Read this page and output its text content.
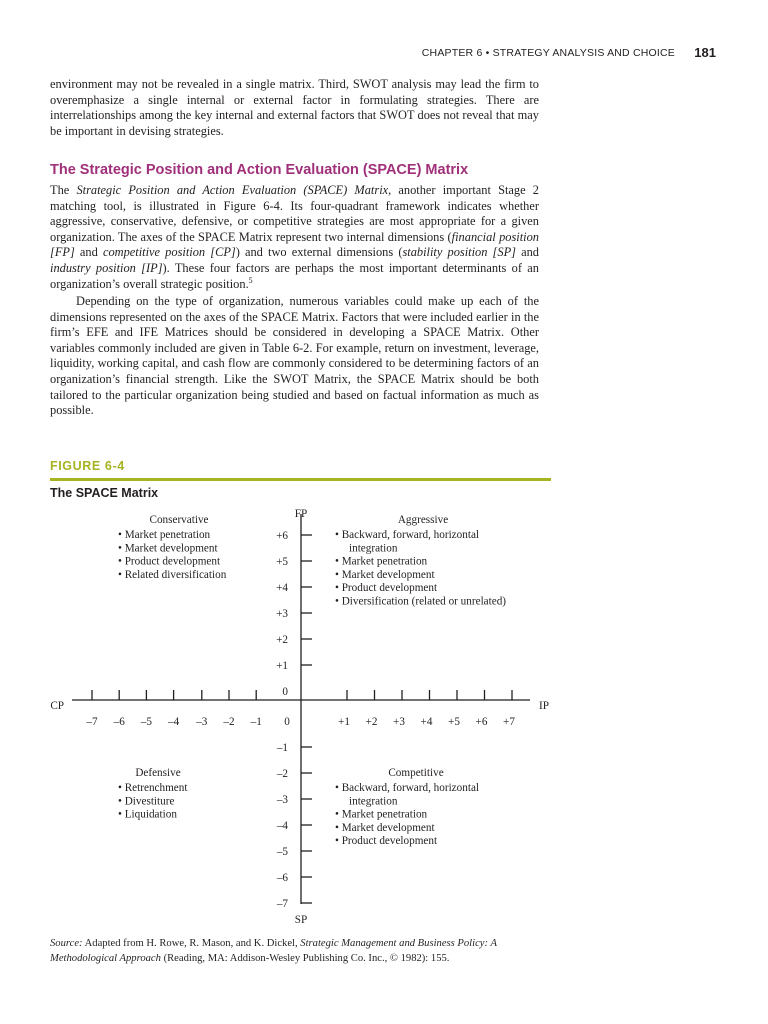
CHAPTER 6 • STRATEGY ANALYSIS AND CHOICE 181

environment may not be revealed in a single matrix. Third, SWOT analysis may lead the firm to overemphasize a single internal or external factor in formulating strategies. There are interrelationships among the key internal and external factors that SWOT does not reveal that may be important in devising strategies.

The Strategic Position and Action Evaluation (SPACE) Matrix

The Strategic Position and Action Evaluation (SPACE) Matrix, another important Stage 2 matching tool, is illustrated in Figure 6-4. Its four-quadrant framework indicates whether aggressive, conservative, defensive, or competitive strategies are most appropriate for a given organization. The axes of the SPACE Matrix represent two internal dimensions (financial position [FP] and competitive position [CP]) and two external dimensions (stability position [SP] and industry position [IP]). These four factors are perhaps the most important determinants of an organization’s overall strategic position.$^5$

Depending on the type of organization, numerous variables could make up each of the dimensions represented on the axes of the SPACE Matrix. Factors that were included earlier in the firm’s EFE and IFE Matrices should be considered in developing a SPACE Matrix. Other variables commonly included are given in Table 6-2. For example, return on investment, leverage, liquidity, working capital, and cash flow are commonly considered to be determining factors of an organization’s financial strength. Like the SWOT Matrix, the SPACE Matrix should be both tailored to the particular organization being studied and based on factual information as much as possible.

FIGURE 6-4
The SPACE Matrix
FP
SP
CP	IP
+6
+5
+4
+3
+2
+1
0
–1
–2
–3
–4
–5
–6
–7
–7 –6 –5 –4 –3 –2 –1 0	+1 +2 +3 +4 +5 +6 +7
Conservative
• Market penetration
• Market development
• Product development
• Related diversification
Aggressive
• Backward, forward, horizontal
integration
• Market penetration
• Market development
• Product development
• Diversification (related or unrelated)
Defensive
• Retrenchment
• Divestiture
• Liquidation
Competitive
• Backward, forward, horizontal
integration
• Market penetration
• Market development
• Product development
Source: Adapted from H. Rowe, R. Mason, and K. Dickel, Strategic Management and Business Policy: A Methodological Approach (Reading, MA: Addison-Wesley Publishing Co. Inc., © 1982): 155.
